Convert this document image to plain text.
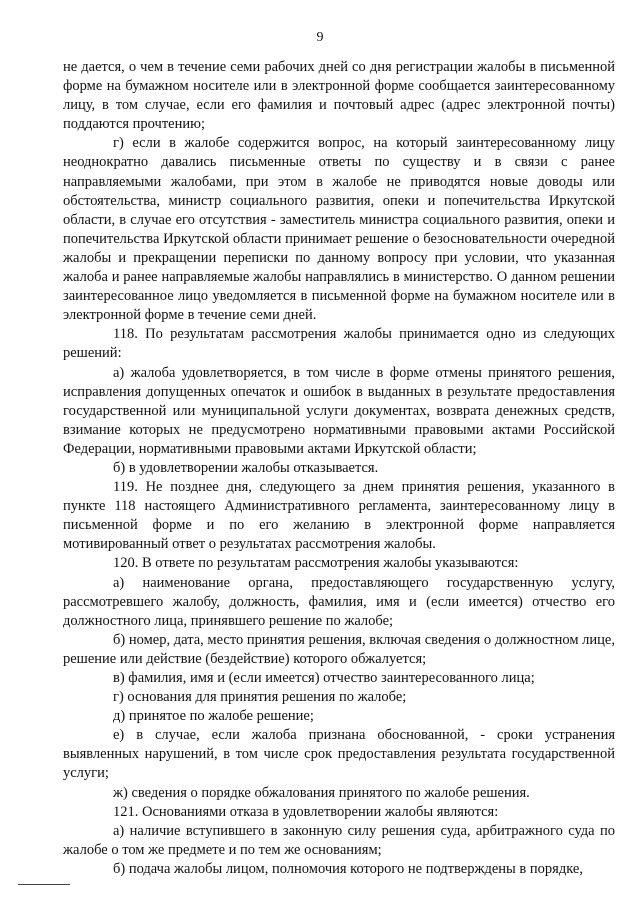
9

не дается, о чем в течение семи рабочих дней со дня регистрации жалобы в письменной форме на бумажном носителе или в электронной форме сообщается заинтересованному лицу, в том случае, если его фамилия и почтовый адрес (адрес электронной почты) поддаются прочтению;

г) если в жалобе содержится вопрос, на который заинтересованному лицу неоднократно давались письменные ответы по существу и в связи с ранее направляемыми жалобами, при этом в жалобе не приводятся новые доводы или обстоятельства, министр социального развития, опеки и попечительства Иркутской области, в случае его отсутствия - заместитель министра социального развития, опеки и попечительства Иркутской области принимает решение о безосновательности очередной жалобы и прекращении переписки по данному вопросу при условии, что указанная жалоба и ранее направляемые жалобы направлялись в министерство. О данном решении заинтересованное лицо уведомляется в письменной форме на бумажном носителе или в электронной форме в течение семи дней.

118. По результатам рассмотрения жалобы принимается одно из следующих решений:

а) жалоба удовлетворяется, в том числе в форме отмены принятого решения, исправления допущенных опечаток и ошибок в выданных в результате предоставления государственной или муниципальной услуги документах, возврата денежных средств, взимание которых не предусмотрено нормативными правовыми актами Российской Федерации, нормативными правовыми актами Иркутской области;

б) в удовлетворении жалобы отказывается.

119. Не позднее дня, следующего за днем принятия решения, указанного в пункте 118 настоящего Административного регламента, заинтересованному лицу в письменной форме и по его желанию в электронной форме направляется мотивированный ответ о результатах рассмотрения жалобы.

120. В ответе по результатам рассмотрения жалобы указываются:

а) наименование органа, предоставляющего государственную услугу, рассмотревшего жалобу, должность, фамилия, имя и (если имеется) отчество его должностного лица, принявшего решение по жалобе;

б) номер, дата, место принятия решения, включая сведения о должностном лице, решение или действие (бездействие) которого обжалуется;

в) фамилия, имя и (если имеется) отчество заинтересованного лица;

г) основания для принятия решения по жалобе;

д) принятое по жалобе решение;

е) в случае, если жалоба признана обоснованной, - сроки устранения выявленных нарушений, в том числе срок предоставления результата государственной услуги;

ж) сведения о порядке обжалования принятого по жалобе решения.

121. Основаниями отказа в удовлетворении жалобы являются:

а) наличие вступившего в законную силу решения суда, арбитражного суда по жалобе о том же предмете и по тем же основаниям;

б) подача жалобы лицом, полномочия которого не подтверждены в порядке,
